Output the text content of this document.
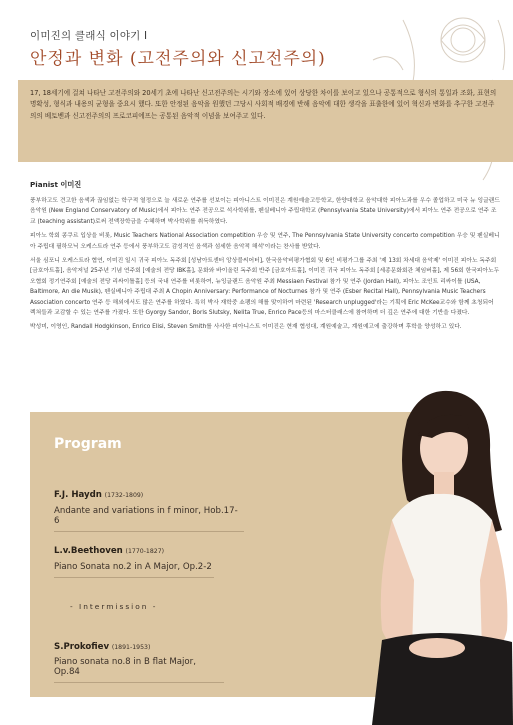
이미진의 클래식 이야기 Ⅰ
안정과 변화 (고전주의와 신고전주의)

17, 18세기에 걸쳐 나타난 고전주의와 20세기 초에 나타난 신고전주의는 시기와 장소에 있어 상당한 차이를 보이고 있으나 공통적으로 형식의 통일과 조화, 표현의 명확성, 형식과 내용의 균형을 중요시 했다. 또한 안정된 음악을 원했던 그당시 사회적 배경에 반해 음악에 대한 생각을 표출한에 있어 혁신과 변화를 추구한 고전주의의 베토벤과 신고전주의의 프로코피에프는 공통된 음악적 이념을 보여주고 있다.

Pianist 이미진

풍부하고도 견고한 음색과 끊임없는 학구적 열정으로 늘 새로운 연주를 선보이는 피아니스트 이미진은 계원예술고등학교, 한양대학교 음악대학 피아노과를 우수 졸업하고 미국 뉴 잉글랜드 음악원 (New England Conservatory of Music)에서 피아노 연주 전공으로 석사학위를, 펜실베니아 주립대학교 (Pennsylvania State University)에서 피아노 연주 전공으로 연주 조교 (teaching assistant)로써 전액장학금을 수혜하며 박사학위를 취득하였다.

피아노 학회 콩쿠르 입상을 비롯, Music Teachers National Association competition 우승 및 연주, The Pennsylvania State University concerto competition 우승 및 펜실베니아 주립대 필하모닉 오케스트라 연주 등에서 풍부하고도 감성적인 음색과 섬세한 음악적 해석'이라는 찬사를 받았다.

서울 심포니 오케스트라 협연, 이미진 일시 귀국 피아노 독주회 [성남아트센터 앙상블씨어터], 한국음악비평가협회 및 6인 비평가그룹 주최 '제 13회 차세대 음악제' 이미진 피아노 독주회 [금호아트홀], 음악저널 25주년 기념 연주회 [예술의 전당 IBK홀], 문화와 바이올린 독주회 반주 [금호아트홀], 이미진 귀국 피아노 독주회 [세종문화회관 체임버홀], 제 56회 한국피아노두오협회 정기연주회 [예술의 전당 리싸이틀홀] 등의 국내 연주를 비롯하여, 뉴잉글랜드 음악원 주최 Messiaen Festival 참가 및 연주 (Jordan Hall), 피아노 조인트 리싸이틀 (USA, Baltimore, An die Musik), 펜실베니아 주립대 주최 A Chopin Anniversary: Performance of Nocturnes 참가 및 연주 (Esber Recital Hall), Pennsylvania Music Teachers Association concerto 연주 등 해외에서도 많은 연주를 하였다. 특히 박사 재학중 쇼팽의 해를 맞이하여 마련된 'Research unplugged'라는 기획에 Eric McKee교수와 함께 초청되어 렉쳐들과 교감할 수 있는 연주를 가졌다. 또한 Gyorgy Sandor, Boris Slutsky, Nelita True, Enrico Pace등의 마스터클래스에 참여하며 더 깊은 연주에 대한 기반을 다졌다.

박성미, 이영인, Randall Hodgkinson, Enrico Elisi, Steven Smith를 사사한 피아니스트 이미진은 현재 협성대, 계원예술고, 계원예고에 출강하며 후학을 양성하고 있다.

Program
F.J. Haydn (1732-1809)
Andante and variations in f minor, Hob.17- 6
L.v.Beethoven (1770-1827)
Piano Sonata no.2 in A Major, Op.2-2
- Intermission -
S.Prokofiev (1891-1953)
Piano sonata no.8 in B flat Major, Op.84
